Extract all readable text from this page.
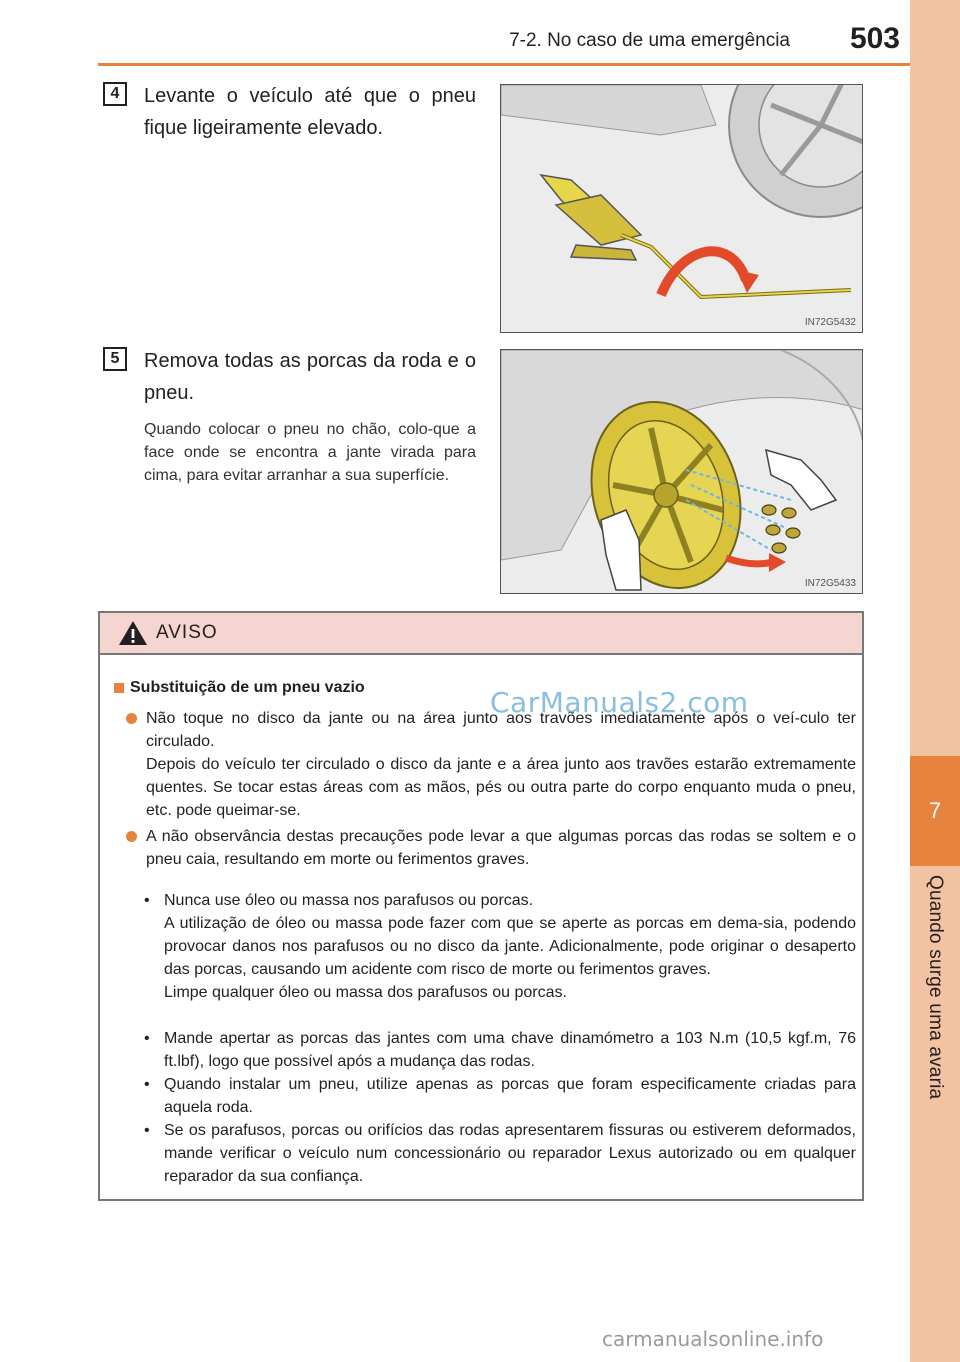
7
Quando surge uma avaria
7-2. No caso de uma emergência	503
4	Levante o veículo até que o pneu fique ligeiramente elevado.
IN72G5432
5	Remova todas as porcas da roda e o pneu.
Quando colocar o pneu no chão, colo-que a face onde se encontra a jante virada para cima, para evitar arranhar a sua superfície.
IN72G5433
AVISO
Substituição de um pneu vazio

Não toque no disco da jante ou na área junto aos travões imediatamente após o veí-culo ter circulado.

Depois do veículo ter circulado o disco da jante e a área junto aos travões estarão extremamente quentes. Se tocar estas áreas com as mãos, pés ou outra parte do corpo enquanto muda o pneu, etc. pode queimar-se.

A não observância destas precauções pode levar a que algumas porcas das rodas se soltem e o pneu caia, resultando em morte ou ferimentos graves.

• Nunca use óleo ou massa nos parafusos ou porcas.

A utilização de óleo ou massa pode fazer com que se aperte as porcas em dema-sia, podendo provocar danos nos parafusos ou no disco da jante. Adicionalmente, pode originar o desaperto das porcas, causando um acidente com risco de morte ou ferimentos graves.

Limpe qualquer óleo ou massa dos parafusos ou porcas.

• Mande apertar as porcas das jantes com uma chave dinamómetro a 103 N.m (10,5 kgf.m, 76 ft.lbf), logo que possível após a mudança das rodas.

• Quando instalar um pneu, utilize apenas as porcas que foram especificamente criadas para aquela roda.

• Se os parafusos, porcas ou orifícios das rodas apresentarem fissuras ou estiverem deformados, mande verificar o veículo num concessionário ou reparador Lexus autorizado ou em qualquer reparador da sua confiança.

CarManuals2.com
carmanualsonline.info
